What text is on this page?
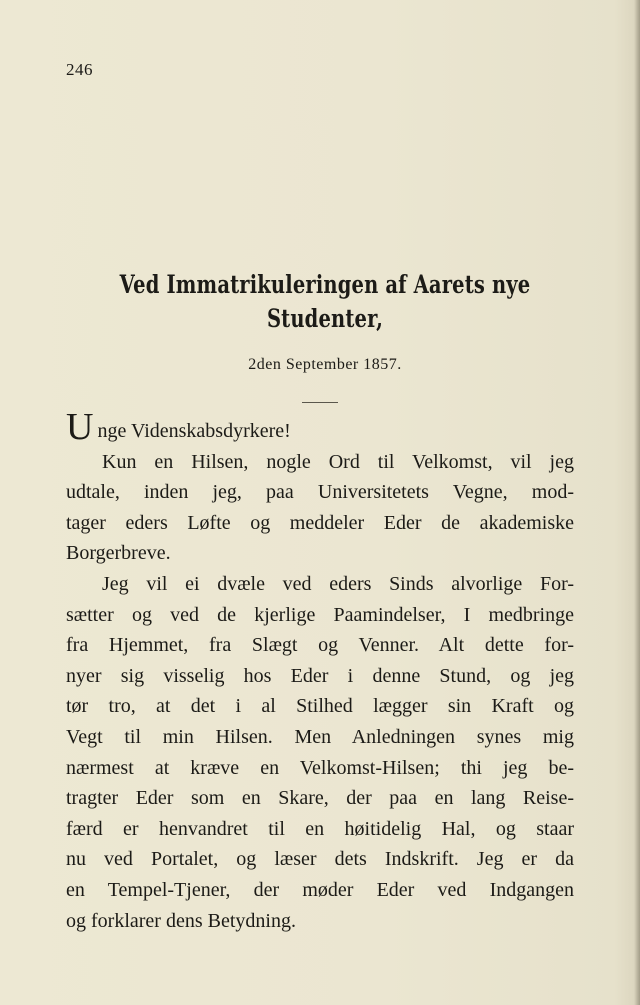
246
Ved Immatrikuleringen af Aarets nye
Studenter,
2den September 1857.
Unge Videnskabsdyrkere!
Kun en Hilsen, nogle Ord til Velkomst, vil jeg
udtale, inden jeg, paa Universitetets Vegne, mod-
tager eders Løfte og meddeler Eder de akademiske
Borgerbreve.
Jeg vil ei dvæle ved eders Sinds alvorlige For-
sætter og ved de kjerlige Paamindelser, I medbringe
fra Hjemmet, fra Slægt og Venner. Alt dette for-
nyer sig visselig hos Eder i denne Stund, og jeg
tør tro, at det i al Stilhed lægger sin Kraft og
Vegt til min Hilsen. Men Anledningen synes mig
nærmest at kræve en Velkomst-Hilsen; thi jeg be-
tragter Eder som en Skare, der paa en lang Reise-
færd er henvandret til en høitidelig Hal, og staar
nu ved Portalet, og læser dets Indskrift. Jeg er da
en Tempel-Tjener, der møder Eder ved Indgangen
og forklarer dens Betydning.
